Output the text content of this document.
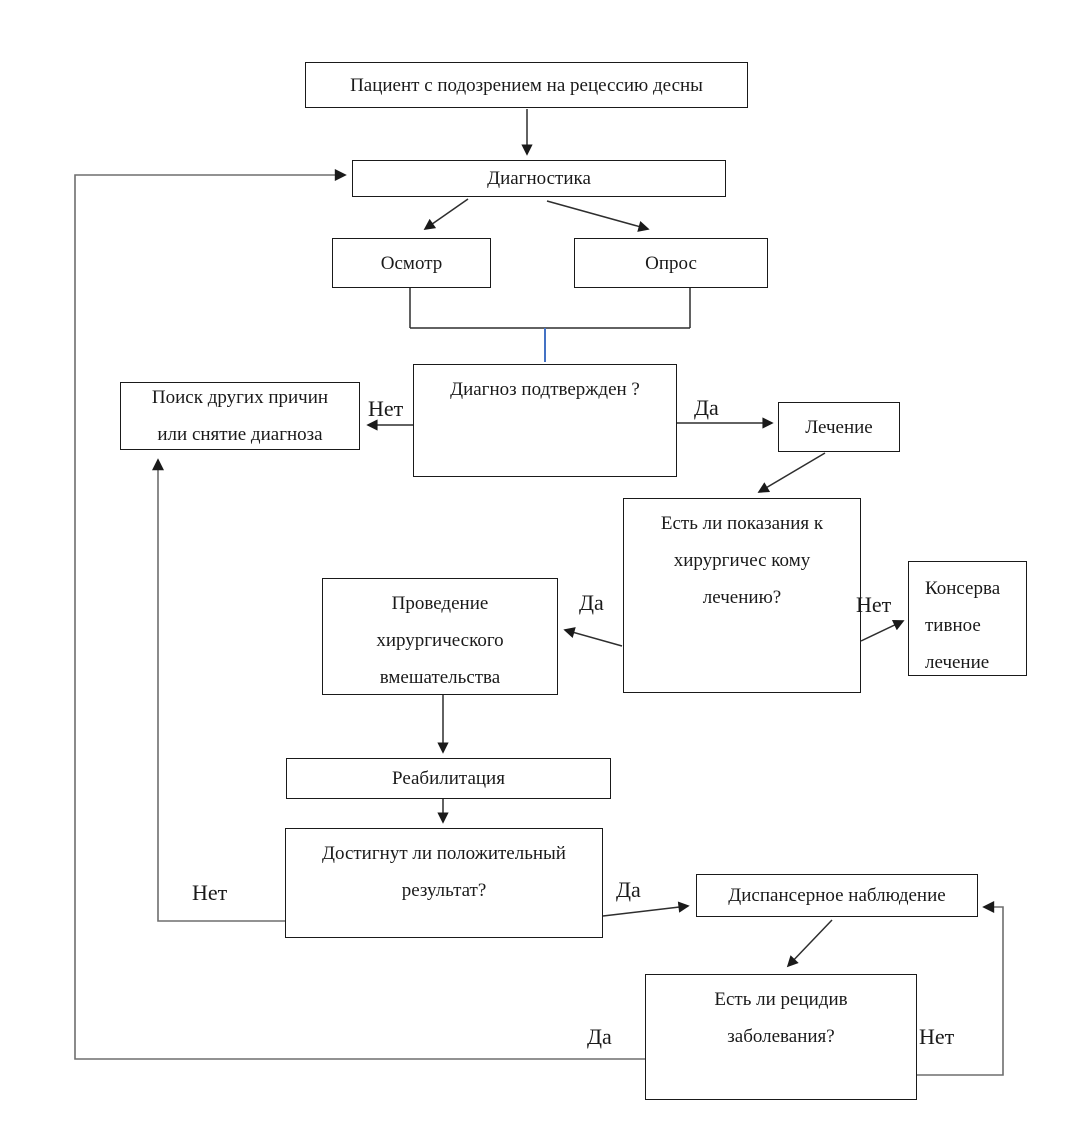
Пациент с подозрением на рецессию десны
Диагностика
Осмотр	Опрос
Диагноз подтвержден ?
Поиск других причин
или снятие диагноза	Лечение
Есть ли показания к
хирургичес кому
лечению?	Консерва
тивное
лечение
Проведение
хирургического
вмешательства
Реабилитация
Достигнут ли положительный
результат?	Диспансерное наблюдение
Есть ли рецидив
заболевания?
Нет	Да
Да	Нет
Нет	Да
Да	Нет
